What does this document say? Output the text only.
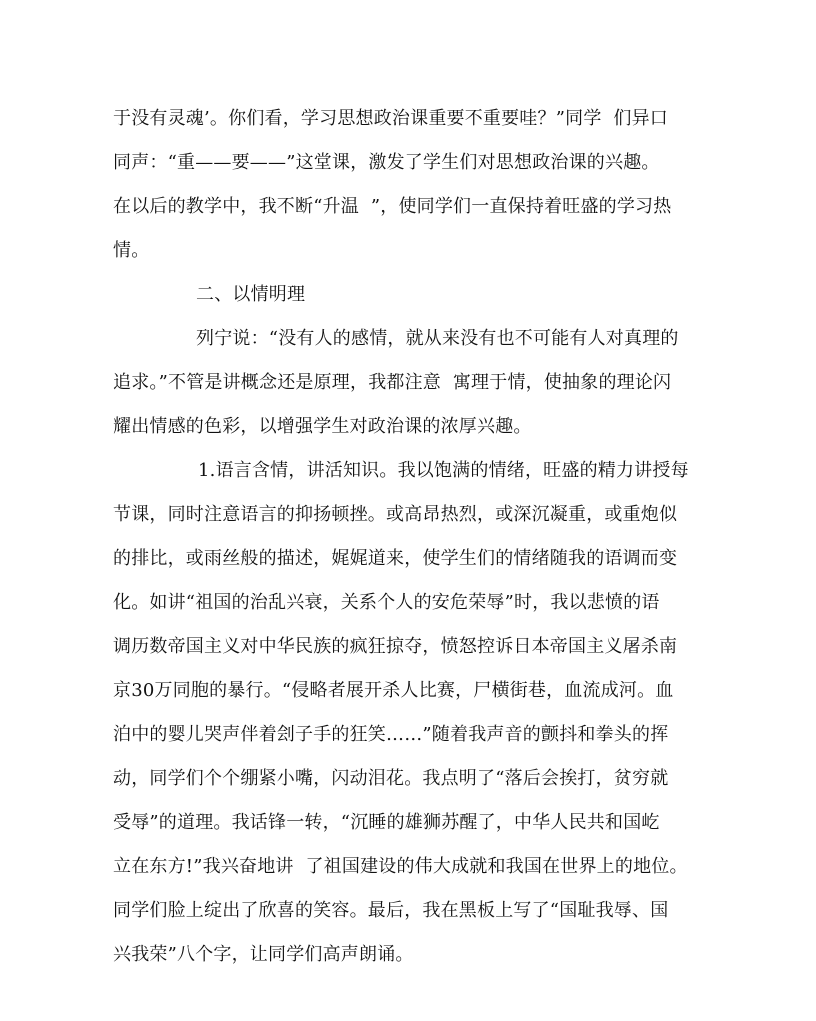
于没有灵魂’。你们看，学习思想政治课重要不重要哇？”同学  们异口
同声：“重——要——”这堂课，激发了学生们对思想政治课的兴趣。
在以后的教学中，我不断“升温  ”，使同学们一直保持着旺盛的学习热
情。
二、以情明理
列宁说：“没有人的感情，就从来没有也不可能有人对真理的
追求。”不管是讲概念还是原理，我都注意  寓理于情，使抽象的理论闪
耀出情感的色彩，以增强学生对政治课的浓厚兴趣。
1.语言含情，讲活知识。我以饱满的情绪，旺盛的精力讲授每
节课，同时注意语言的抑扬顿挫。或高昂热烈，或深沉凝重，或重炮似
的排比，或雨丝般的描述，娓娓道来，使学生们的情绪随我的语调而变
化。如讲“祖国的治乱兴衰，关系个人的安危荣辱”时，我以悲愤的语
调历数帝国主义对中华民族的疯狂掠夺，愤怒控诉日本帝国主义屠杀南
京30万同胞的暴行。“侵略者展开杀人比赛，尸横街巷，血流成河。血
泊中的婴儿哭声伴着刽子手的狂笑……”随着我声音的颤抖和拳头的挥
动，同学们个个绷紧小嘴，闪动泪花。我点明了“落后会挨打，贫穷就
受辱”的道理。我话锋一转，“沉睡的雄狮苏醒了，中华人民共和国屹
立在东方!”我兴奋地讲  了祖国建设的伟大成就和我国在世界上的地位。
同学们脸上绽出了欣喜的笑容。最后，我在黑板上写了“国耻我辱、国
兴我荣”八个字，让同学们高声朗诵。
